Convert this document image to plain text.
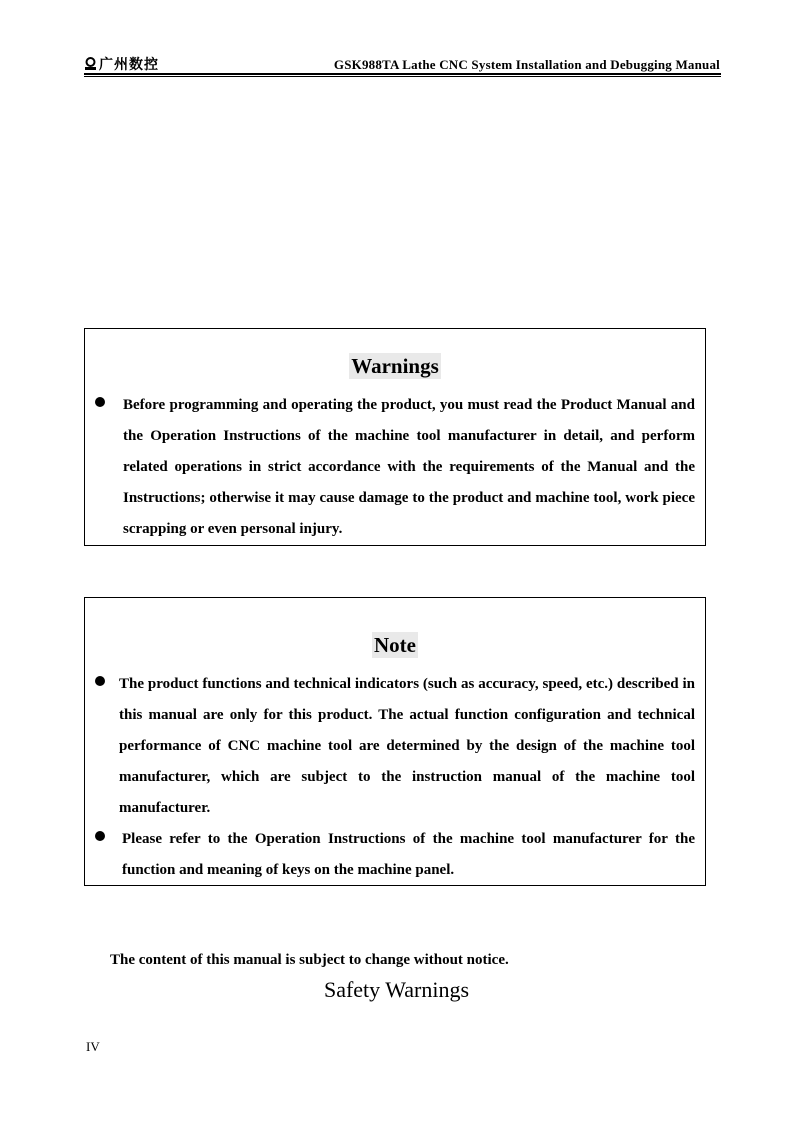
广州数控	GSK988TA Lathe CNC System Installation and Debugging Manual
Warnings

Before programming and operating the product, you must read the Product Manual and the Operation Instructions of the machine tool manufacturer in detail, and perform related operations in strict accordance with the requirements of the Manual and the Instructions; otherwise it may cause damage to the product and machine tool, work piece scrapping or even personal injury.

Note

The product functions and technical indicators (such as accuracy, speed, etc.) described in this manual are only for this product. The actual function configuration and technical performance of CNC machine tool are determined by the design of the machine tool manufacturer, which are subject to the instruction manual of the machine tool manufacturer.

Please refer to the Operation Instructions of the machine tool manufacturer for the function and meaning of keys on the machine panel.

The content of this manual is subject to change without notice.
Safety Warnings
IV
